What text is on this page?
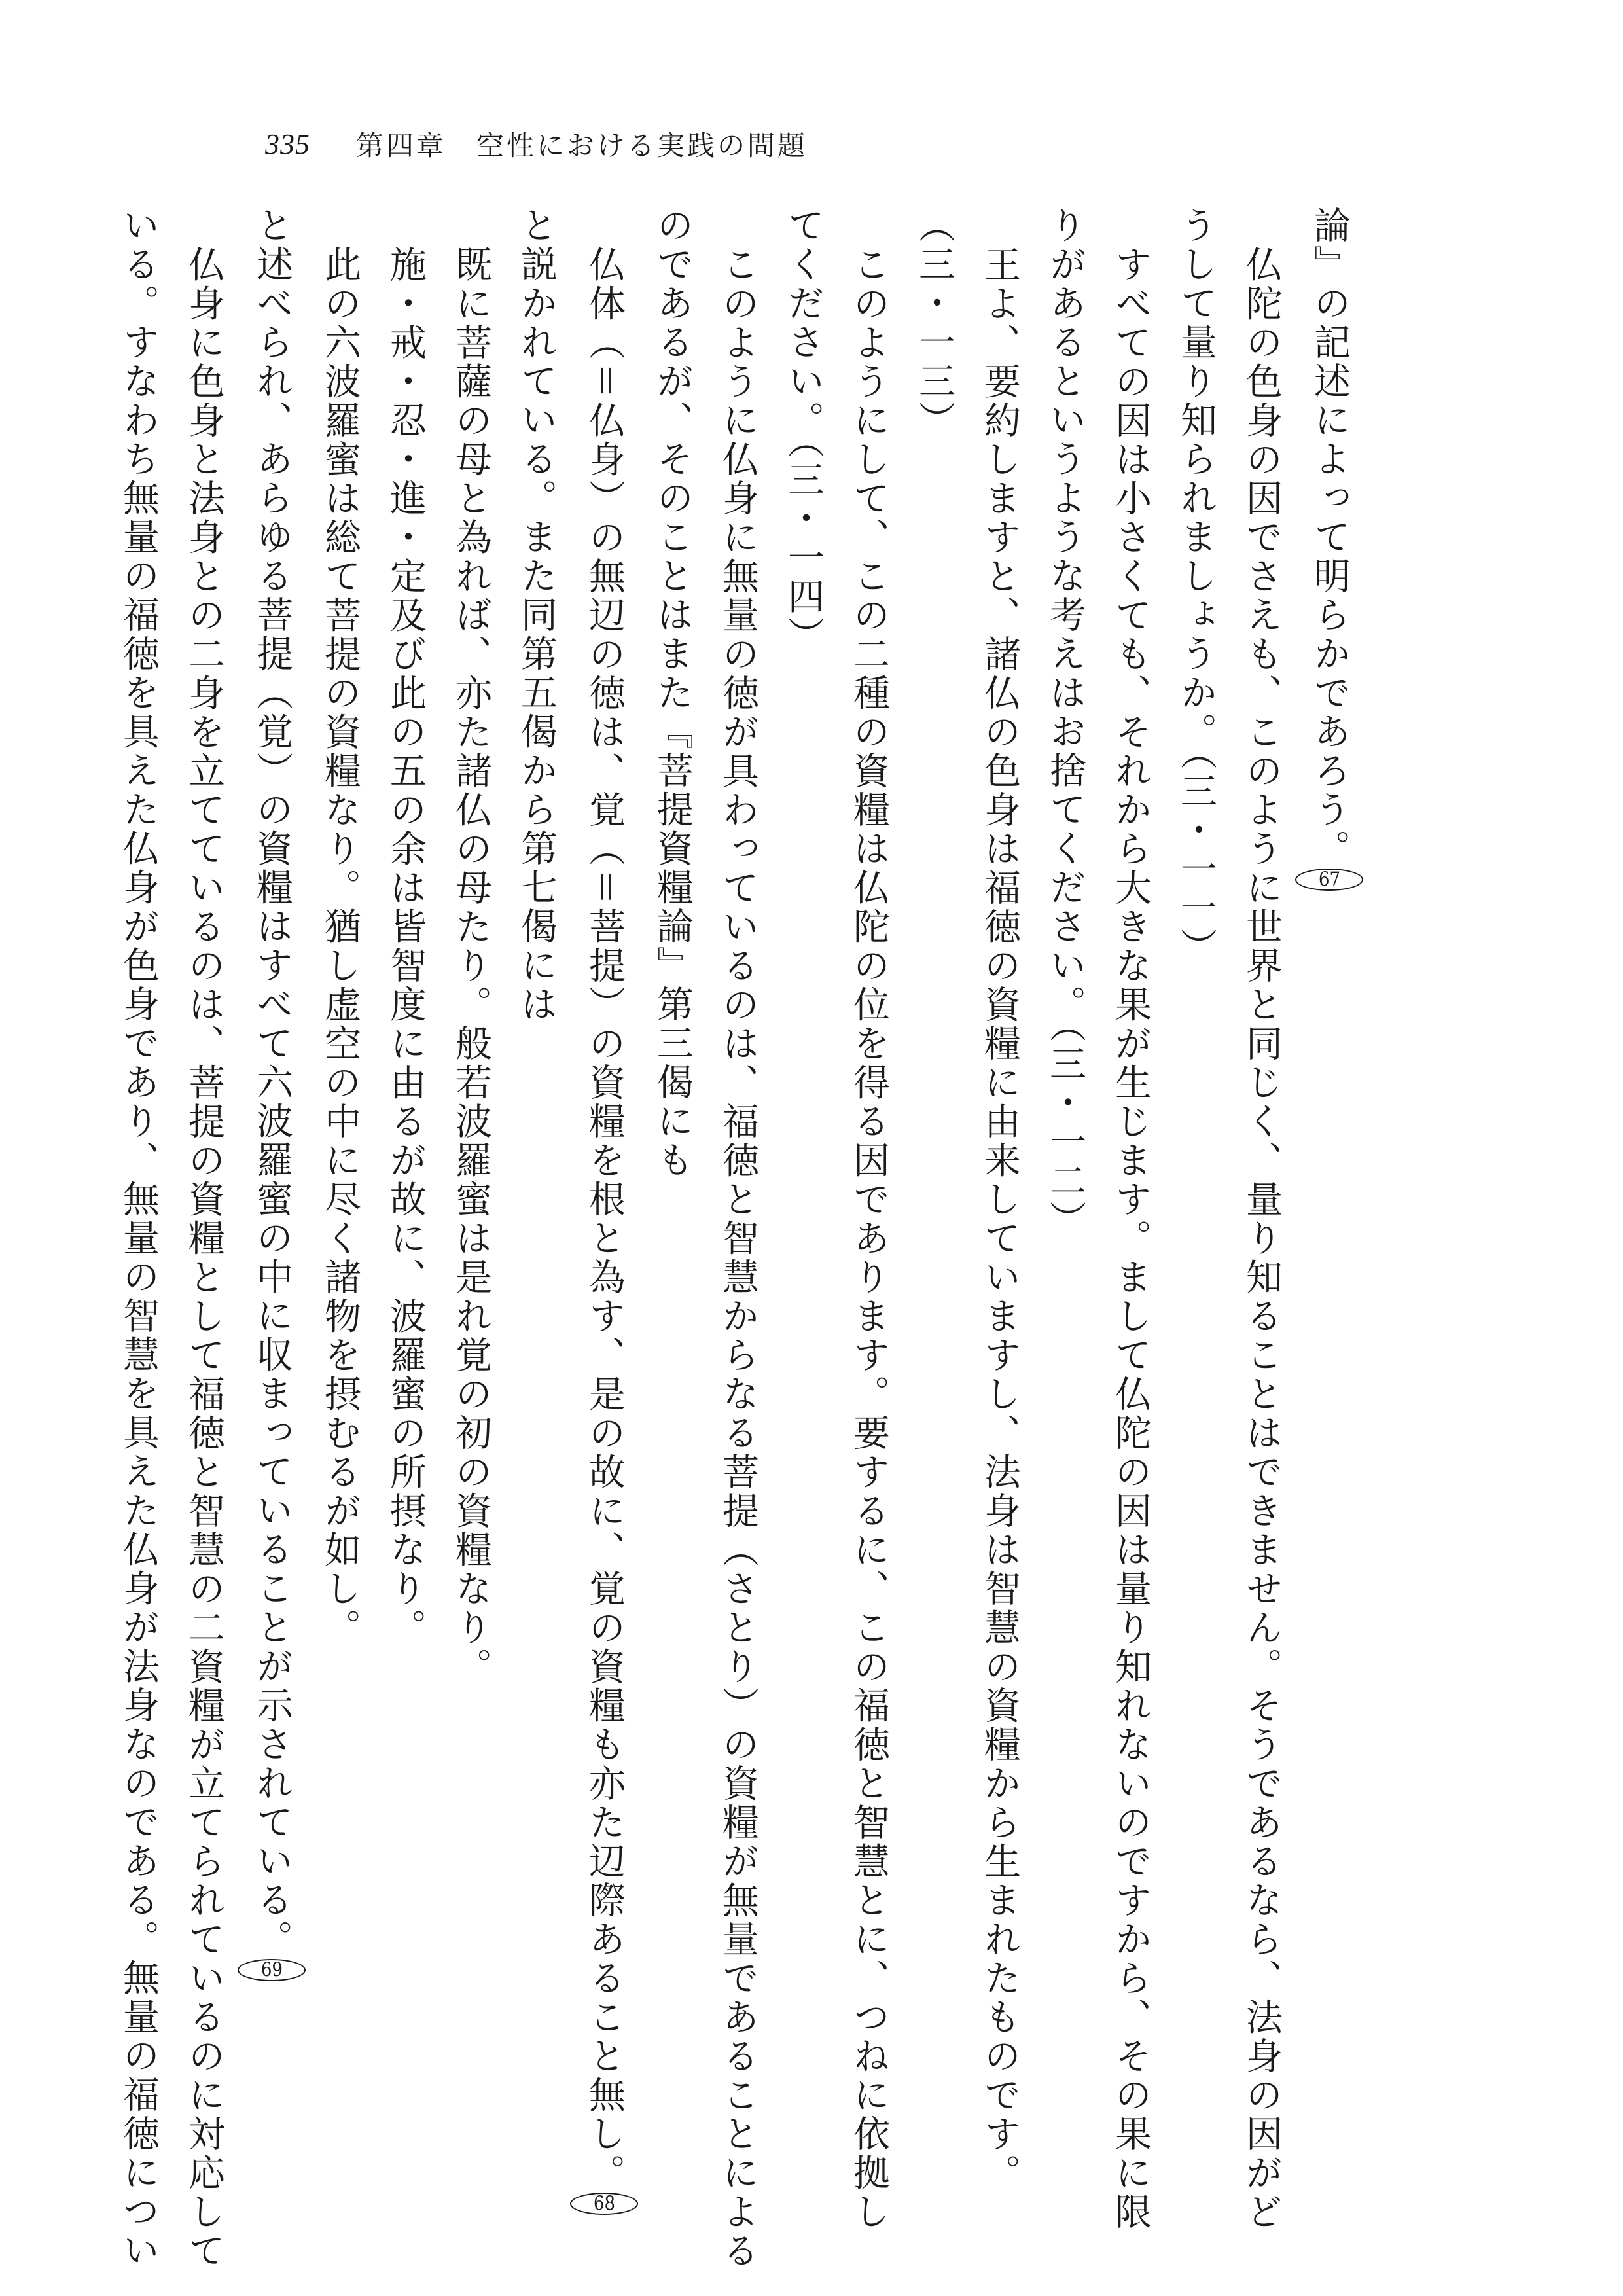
335 第四章　空性における実践の問題
論』の記述によって明らかであろう。67
仏陀の色身の因でさえも、このように世界と同じく、量り知ることはできません。そうであるなら、法身の因がど
うして量り知られましょうか。（三・一一）
すべての因は小さくても、それから大きな果が生じます。まして仏陀の因は量り知れないのですから、その果に限
りがあるというような考えはお捨てください。（三・一二）
王よ、要約しますと、諸仏の色身は福徳の資糧に由来していますし、法身は智慧の資糧から生まれたものです。
（三・一三）
このようにして、この二種の資糧は仏陀の位を得る因であります。要するに、この福徳と智慧とに、つねに依拠し
てください。（三・一四）
このように仏身に無量の徳が具わっているのは、福徳と智慧からなる菩提（さとり）の資糧が無量であることによる
のであるが、そのことはまた『菩提資糧論』第三偈にも
仏体（＝仏身）の無辺の徳は、覚（＝菩提）の資糧を根と為す、是の故に、覚の資糧も亦た辺際あること無し。68
と説かれている。また同第五偈から第七偈には
既に菩薩の母と為れば、亦た諸仏の母たり。般若波羅蜜は是れ覚の初の資糧なり。
施・戒・忍・進・定及び此の五の余は皆智度に由るが故に、波羅蜜の所摂なり。
此の六波羅蜜は総て菩提の資糧なり。猶し虚空の中に尽く諸物を摂むるが如し。
と述べられ、あらゆる菩提（覚）の資糧はすべて六波羅蜜の中に収まっていることが示されている。69
仏身に色身と法身との二身を立てているのは、菩提の資糧として福徳と智慧の二資糧が立てられているのに対応して
いる。すなわち無量の福徳を具えた仏身が色身であり、無量の智慧を具えた仏身が法身なのである。無量の福徳につい
